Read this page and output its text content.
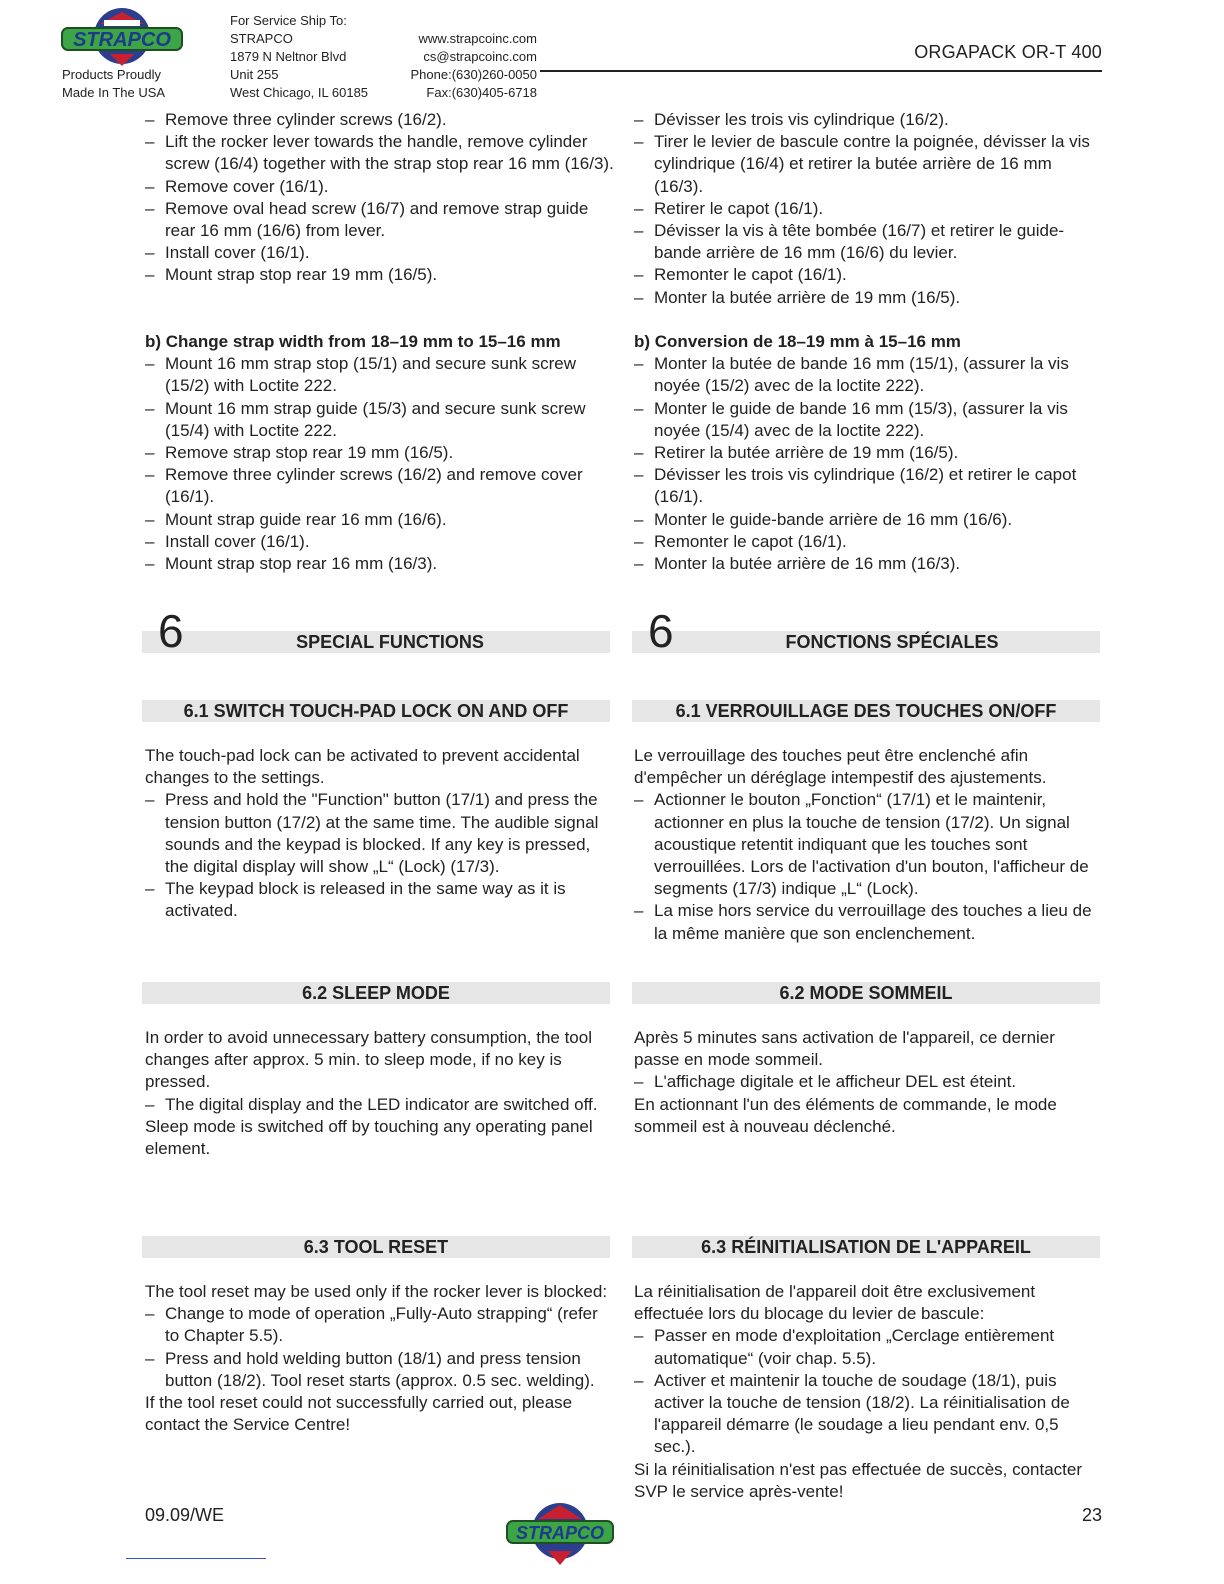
STRAPCO
Products Proudly
Made In The USA
For Service Ship To:
STRAPCO
1879 N Neltnor Blvd
Unit 255
West Chicago, IL 60185
www.strapcoinc.com
cs@strapcoinc.com
Phone:(630)260-0050
Fax:(630)405-6718
ORGAPACK OR-T 400
– Remove three cylinder screws (16/2).
– Lift the rocker lever towards the handle, remove cylinder screw (16/4) together with the strap stop rear 16 mm (16/3).
– Remove cover (16/1).
– Remove oval head screw (16/7) and remove strap guide rear 16 mm (16/6) from lever.
– Install cover (16/1).
– Mount strap stop rear 19 mm (16/5).
b) Change strap width from 18–19 mm to 15–16 mm
– Mount 16 mm strap stop (15/1) and secure sunk screw (15/2) with Loctite 222.
– Mount 16 mm strap guide (15/3) and secure sunk screw (15/4) with Loctite 222.
– Remove strap stop rear 19 mm (16/5).
– Remove three cylinder screws (16/2) and remove cover (16/1).
– Mount strap guide rear 16 mm (16/6).
– Install cover (16/1).
– Mount strap stop rear 16 mm (16/3).
– Dévisser les trois vis cylindrique (16/2).
– Tirer le levier de bascule contre la poignée, dévisser la vis cylindrique (16/4) et retirer la butée arrière de 16 mm (16/3).
– Retirer le capot (16/1).
– Dévisser la vis à tête bombée (16/7) et retirer le guide-bande arrière de 16 mm (16/6) du levier.
– Remonter le capot (16/1).
– Monter la butée arrière de 19 mm (16/5).
b) Conversion de 18–19 mm à 15–16 mm
– Monter la butée de bande 16 mm (15/1), (assurer la vis noyée (15/2) avec de la loctite 222).
– Monter le guide de bande 16 mm (15/3), (assurer la vis noyée (15/4) avec de la loctite 222).
– Retirer la butée arrière de 19 mm (16/5).
– Dévisser les trois vis cylindrique (16/2) et retirer le capot (16/1).
– Monter le guide-bande arrière de 16 mm (16/6).
– Remonter le capot (16/1).
– Monter la butée arrière de 16 mm (16/3).
6	SPECIAL FUNCTIONS	6	FONCTIONS SPÉCIALES
6.1 SWITCH TOUCH-PAD LOCK ON AND OFF	6.1 VERROUILLAGE DES TOUCHES ON/OFF

The touch-pad lock can be activated to prevent accidental changes to the settings.

– Press and hold the "Function" button (17/1) and press the tension button (17/2) at the same time. The audible signal sounds and the keypad is blocked. If any key is pressed, the digital display will show „L“ (Lock) (17/3).
– The keypad block is released in the same way as it is activated.

Le verrouillage des touches peut être enclenché afin d'empêcher un déréglage intempestif des ajustements.

– Actionner le bouton „Fonction“ (17/1) et le maintenir, actionner en plus la touche de tension (17/2). Un signal acoustique retentit indiquant que les touches sont verrouillées. Lors de l'activation d'un bouton, l'afficheur de segments (17/3) indique „L“ (Lock).
– La mise hors service du verrouillage des touches a lieu de la même manière que son enclenchement.
6.2 SLEEP MODE	6.2 MODE SOMMEIL

In order to avoid unnecessary battery consumption, the tool changes after approx. 5 min. to sleep mode, if no key is pressed.

– The digital display and the LED indicator are switched off.

Sleep mode is switched off by touching any operating panel element.

Après 5 minutes sans activation de l'appareil, ce dernier passe en mode sommeil.

– L'affichage digitale et le afficheur DEL est éteint.

En actionnant l'un des éléments de commande, le mode sommeil est à nouveau déclenché.

6.3 TOOL RESET	6.3 RÉINITIALISATION DE L'APPAREIL

The tool reset may be used only if the rocker lever is blocked:

– Change to mode of operation „Fully-Auto strapping“ (refer to Chapter 5.5).
– Press and hold welding button (18/1) and press tension button (18/2). Tool reset starts (approx. 0.5 sec. welding).

If the tool reset could not successfully carried out, please contact the Service Centre!

La réinitialisation de l'appareil doit être exclusivement effectuée lors du blocage du levier de bascule:

– Passer en mode d'exploitation „Cerclage entièrement automatique“ (voir chap. 5.5).
– Activer et maintenir la touche de soudage (18/1), puis activer la touche de tension (18/2). La réinitialisation de l'appareil démarre (le soudage a lieu pendant env. 0,5 sec.).

Si la réinitialisation n'est pas effectuée de succès, contacter SVP le service après-vente!

09.09/WE
STRAPCO
23
